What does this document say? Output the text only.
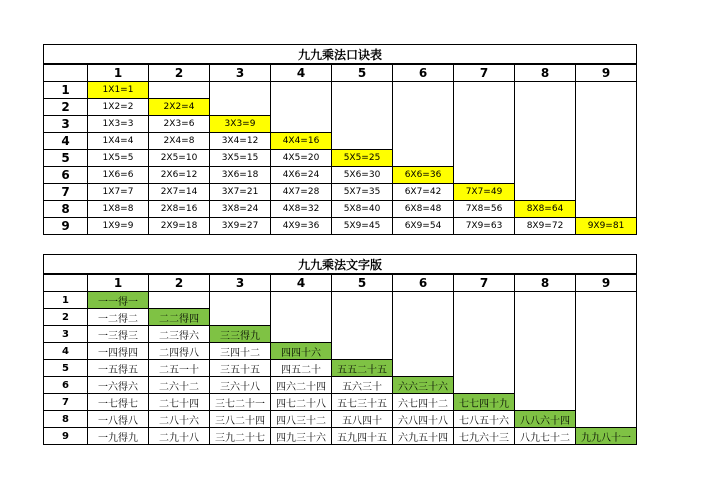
九九乘法口诀表									
	1	2	3	4	5	6	7	8	9
1	1X1=1								
2	1X2=2	2X2=4							
3	1X3=3	2X3=6	3X3=9						
4	1X4=4	2X4=8	3X4=12	4X4=16					
5	1X5=5	2X5=10	3X5=15	4X5=20	5X5=25				
6	1X6=6	2X6=12	3X6=18	4X6=24	5X6=30	6X6=36			
7	1X7=7	2X7=14	3X7=21	4X7=28	5X7=35	6X7=42	7X7=49		
8	1X8=8	2X8=16	3X8=24	4X8=32	5X8=40	6X8=48	7X8=56	8X8=64	
9	1X9=9	2X9=18	3X9=27	4X9=36	5X9=45	6X9=54	7X9=63	8X9=72	9X9=81
九九乘法文字版									
	1	2	3	4	5	6	7	8	9
1	一一得一								
2	一二得二	二二得四							
3	一三得三	二三得六	三三得九						
4	一四得四	二四得八	三四十二	四四十六					
5	一五得五	二五一十	三五十五	四五二十	五五二十五				
6	一六得六	二六十二	三六十八	四六二十四	五六三十	六六三十六			
7	一七得七	二七十四	三七二十一	四七二十八	五七三十五	六七四十二	七七四十九		
8	一八得八	二八十六	三八二十四	四八三十二	五八四十	六八四十八	七八五十六	八八六十四	
9	一九得九	二九十八	三九二十七	四九三十六	五九四十五	六九五十四	七九六十三	八九七十二	九九八十一
